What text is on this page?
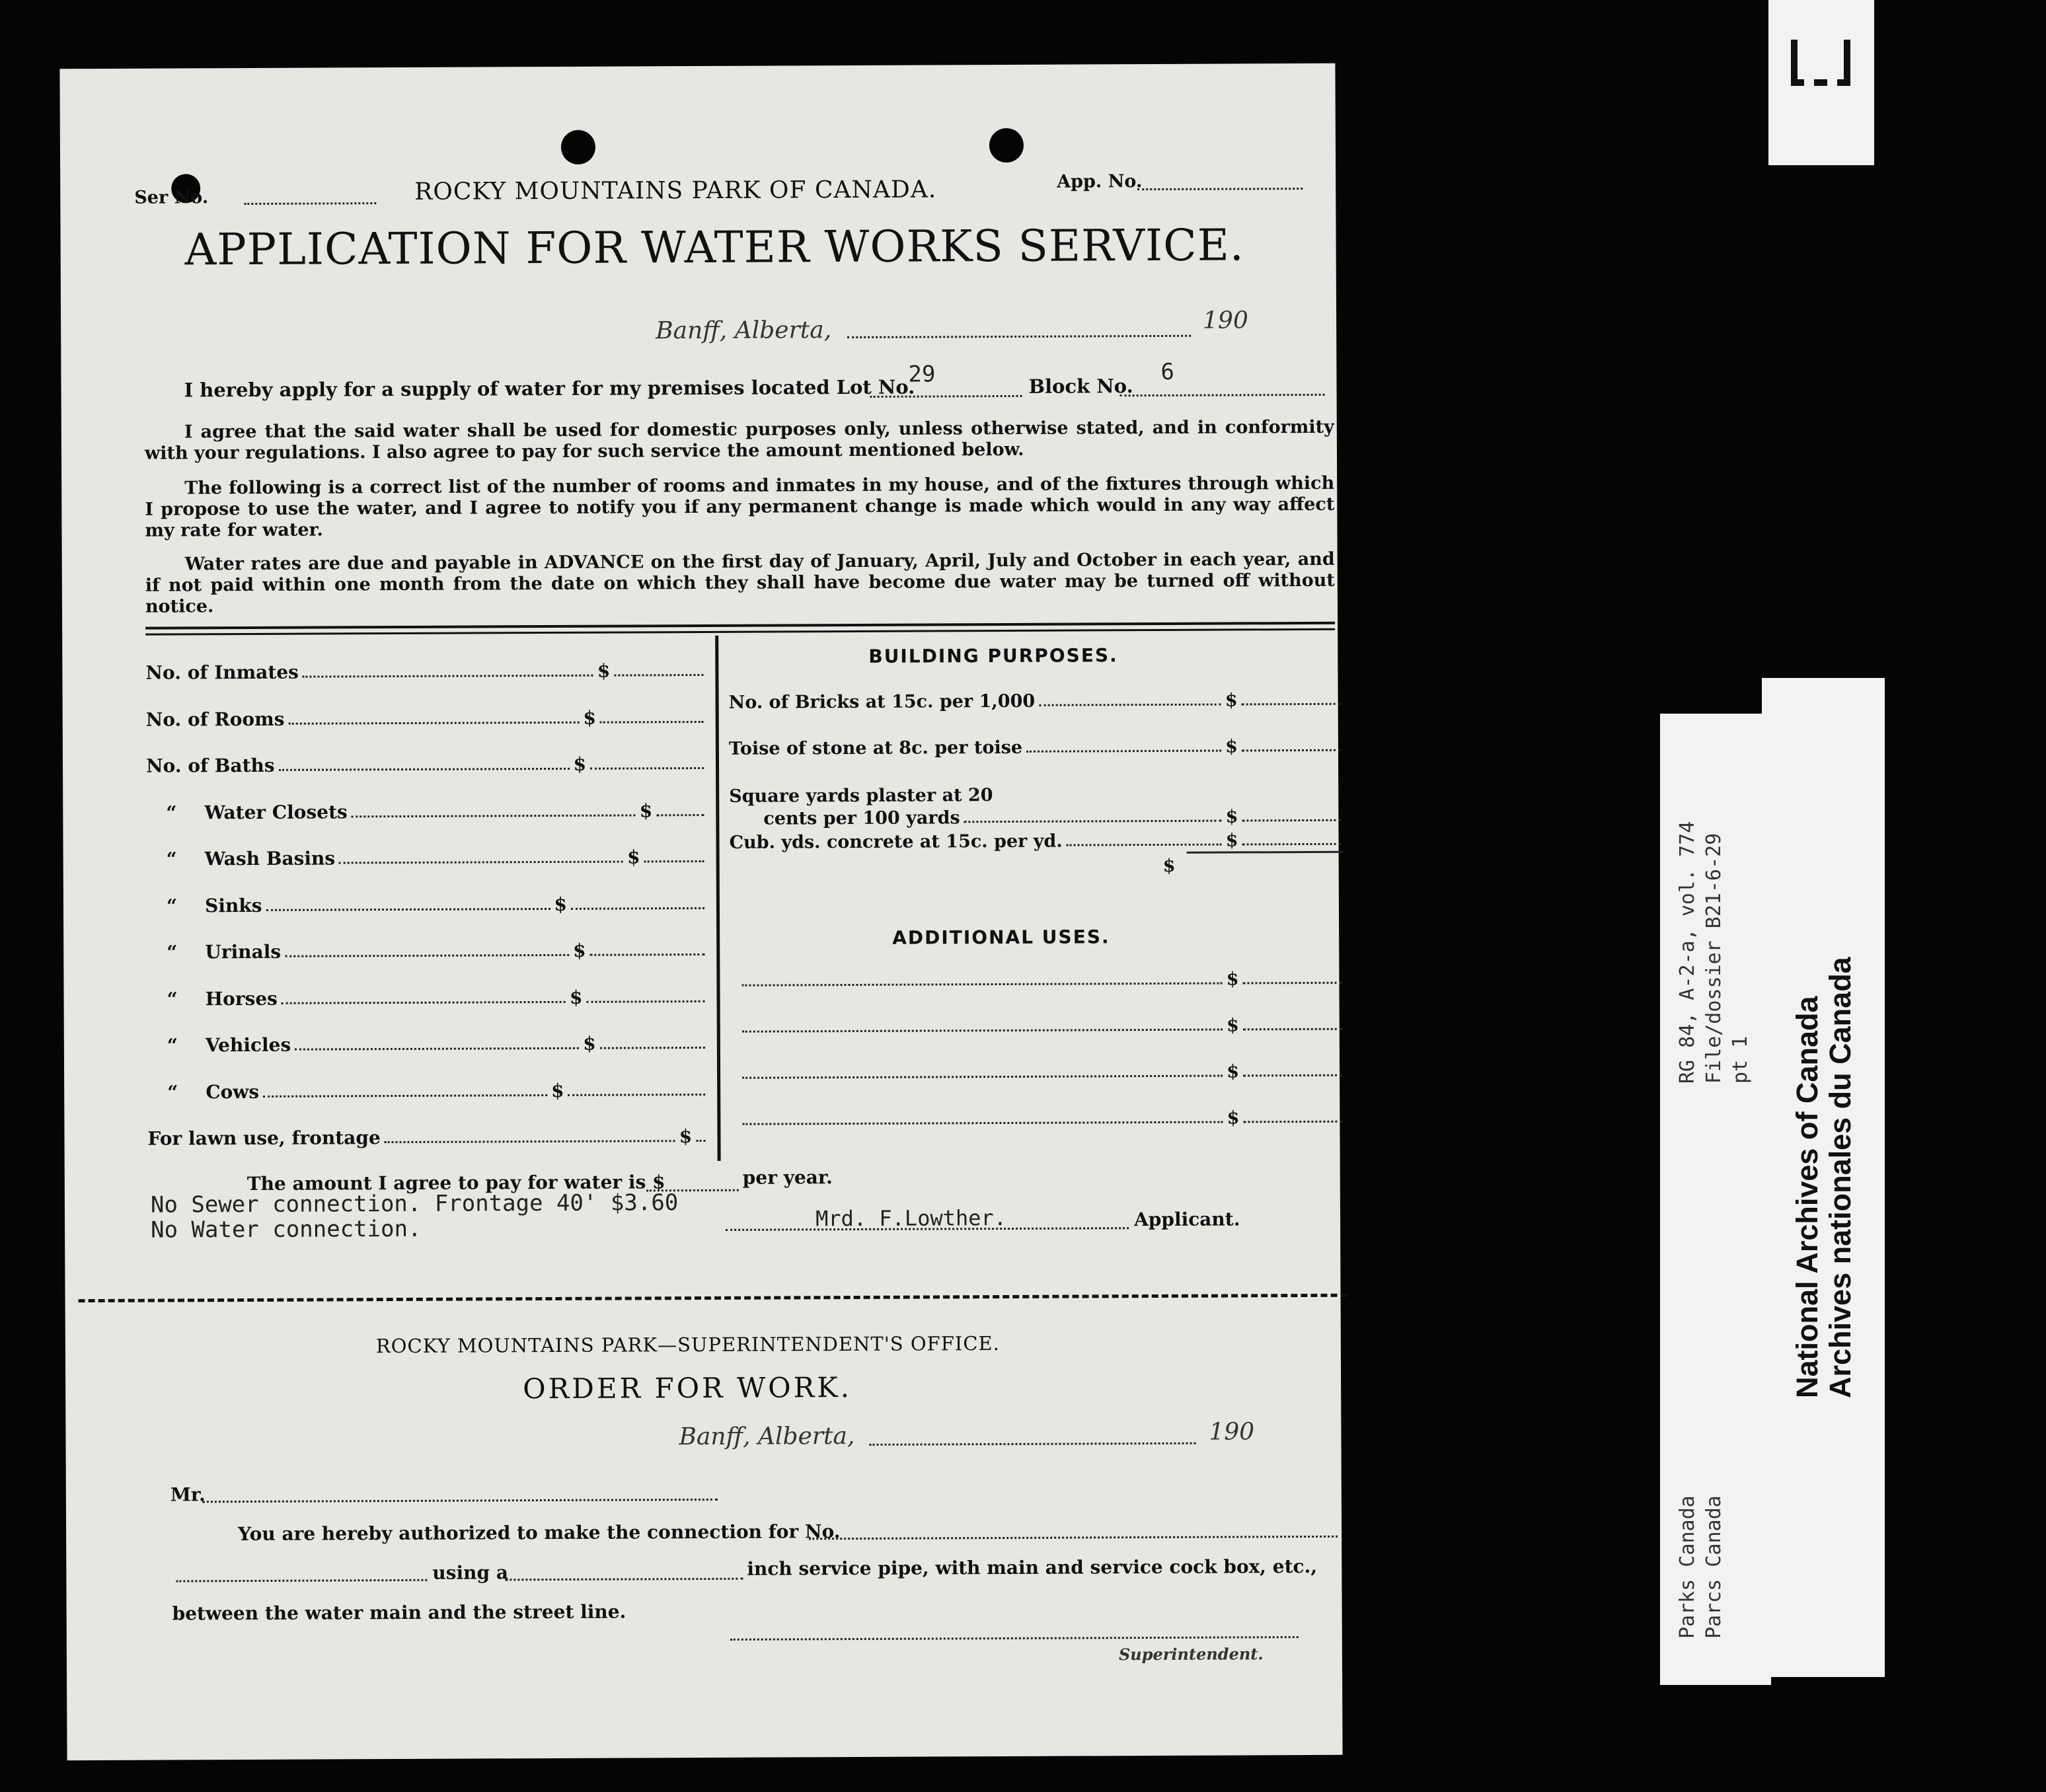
Ser No.	ROCKY MOUNTAINS PARK OF CANADA.	App. No.
APPLICATION FOR WATER WORKS SERVICE.
Banff, Alberta,	190
I hereby apply for a supply of water for my premises located Lot No.
29	Block No.
6

I agree that the said water shall be used for domestic purposes only, unless otherwise stated, and in conformity with your regulations. I also agree to pay for such service the amount mentioned below.

The following is a correct list of the number of rooms and inmates in my house, and of the fixtures through which I propose to use the water, and I agree to notify you if any permanent change is made which would in any way affect my rate for water.

Water rates are due and payable in ADVANCE on the first day of January, April, July and October in each year, and if not paid within one month from the date on which they shall have become due water may be turned off without notice.

No. of Inmates	$
No. of Rooms	$
No. of Baths	$
“ Water Closets	$
“ Wash Basins	$
“ Sinks	$
“ Urinals	$
“ Horses	$
“ Vehicles	$
“ Cows	$
For lawn use, frontage	$
BUILDING PURPOSES.
No. of Bricks at 15c. per 1,000	$
Toise of stone at 8c. per toise	$
Square yards plaster at 20
cents per 100 yards	$
Cub. yds. concrete at 15c. per yd.	$
$
ADDITIONAL USES.
$
$
$
$
The amount I agree to pay for water is $	per year.
No Sewer connection. Frontage 40' $3.60
No Water connection.	Mrd. F.Lowther.	Applicant.
ROCKY MOUNTAINS PARK—SUPERINTENDENT'S OFFICE.
ORDER FOR WORK.
Banff, Alberta,	190
Mr.
You are hereby authorized to make the connection for No.
using a	inch service pipe, with main and service cock box, etc.,
between the water main and the street line.
Superintendent.
RG 84, A-2-a, vol. 774 File/dossier B21-6-29 pt 1
Parks Canada Parcs Canada
National Archives of Canada Archives nationales du Canada
